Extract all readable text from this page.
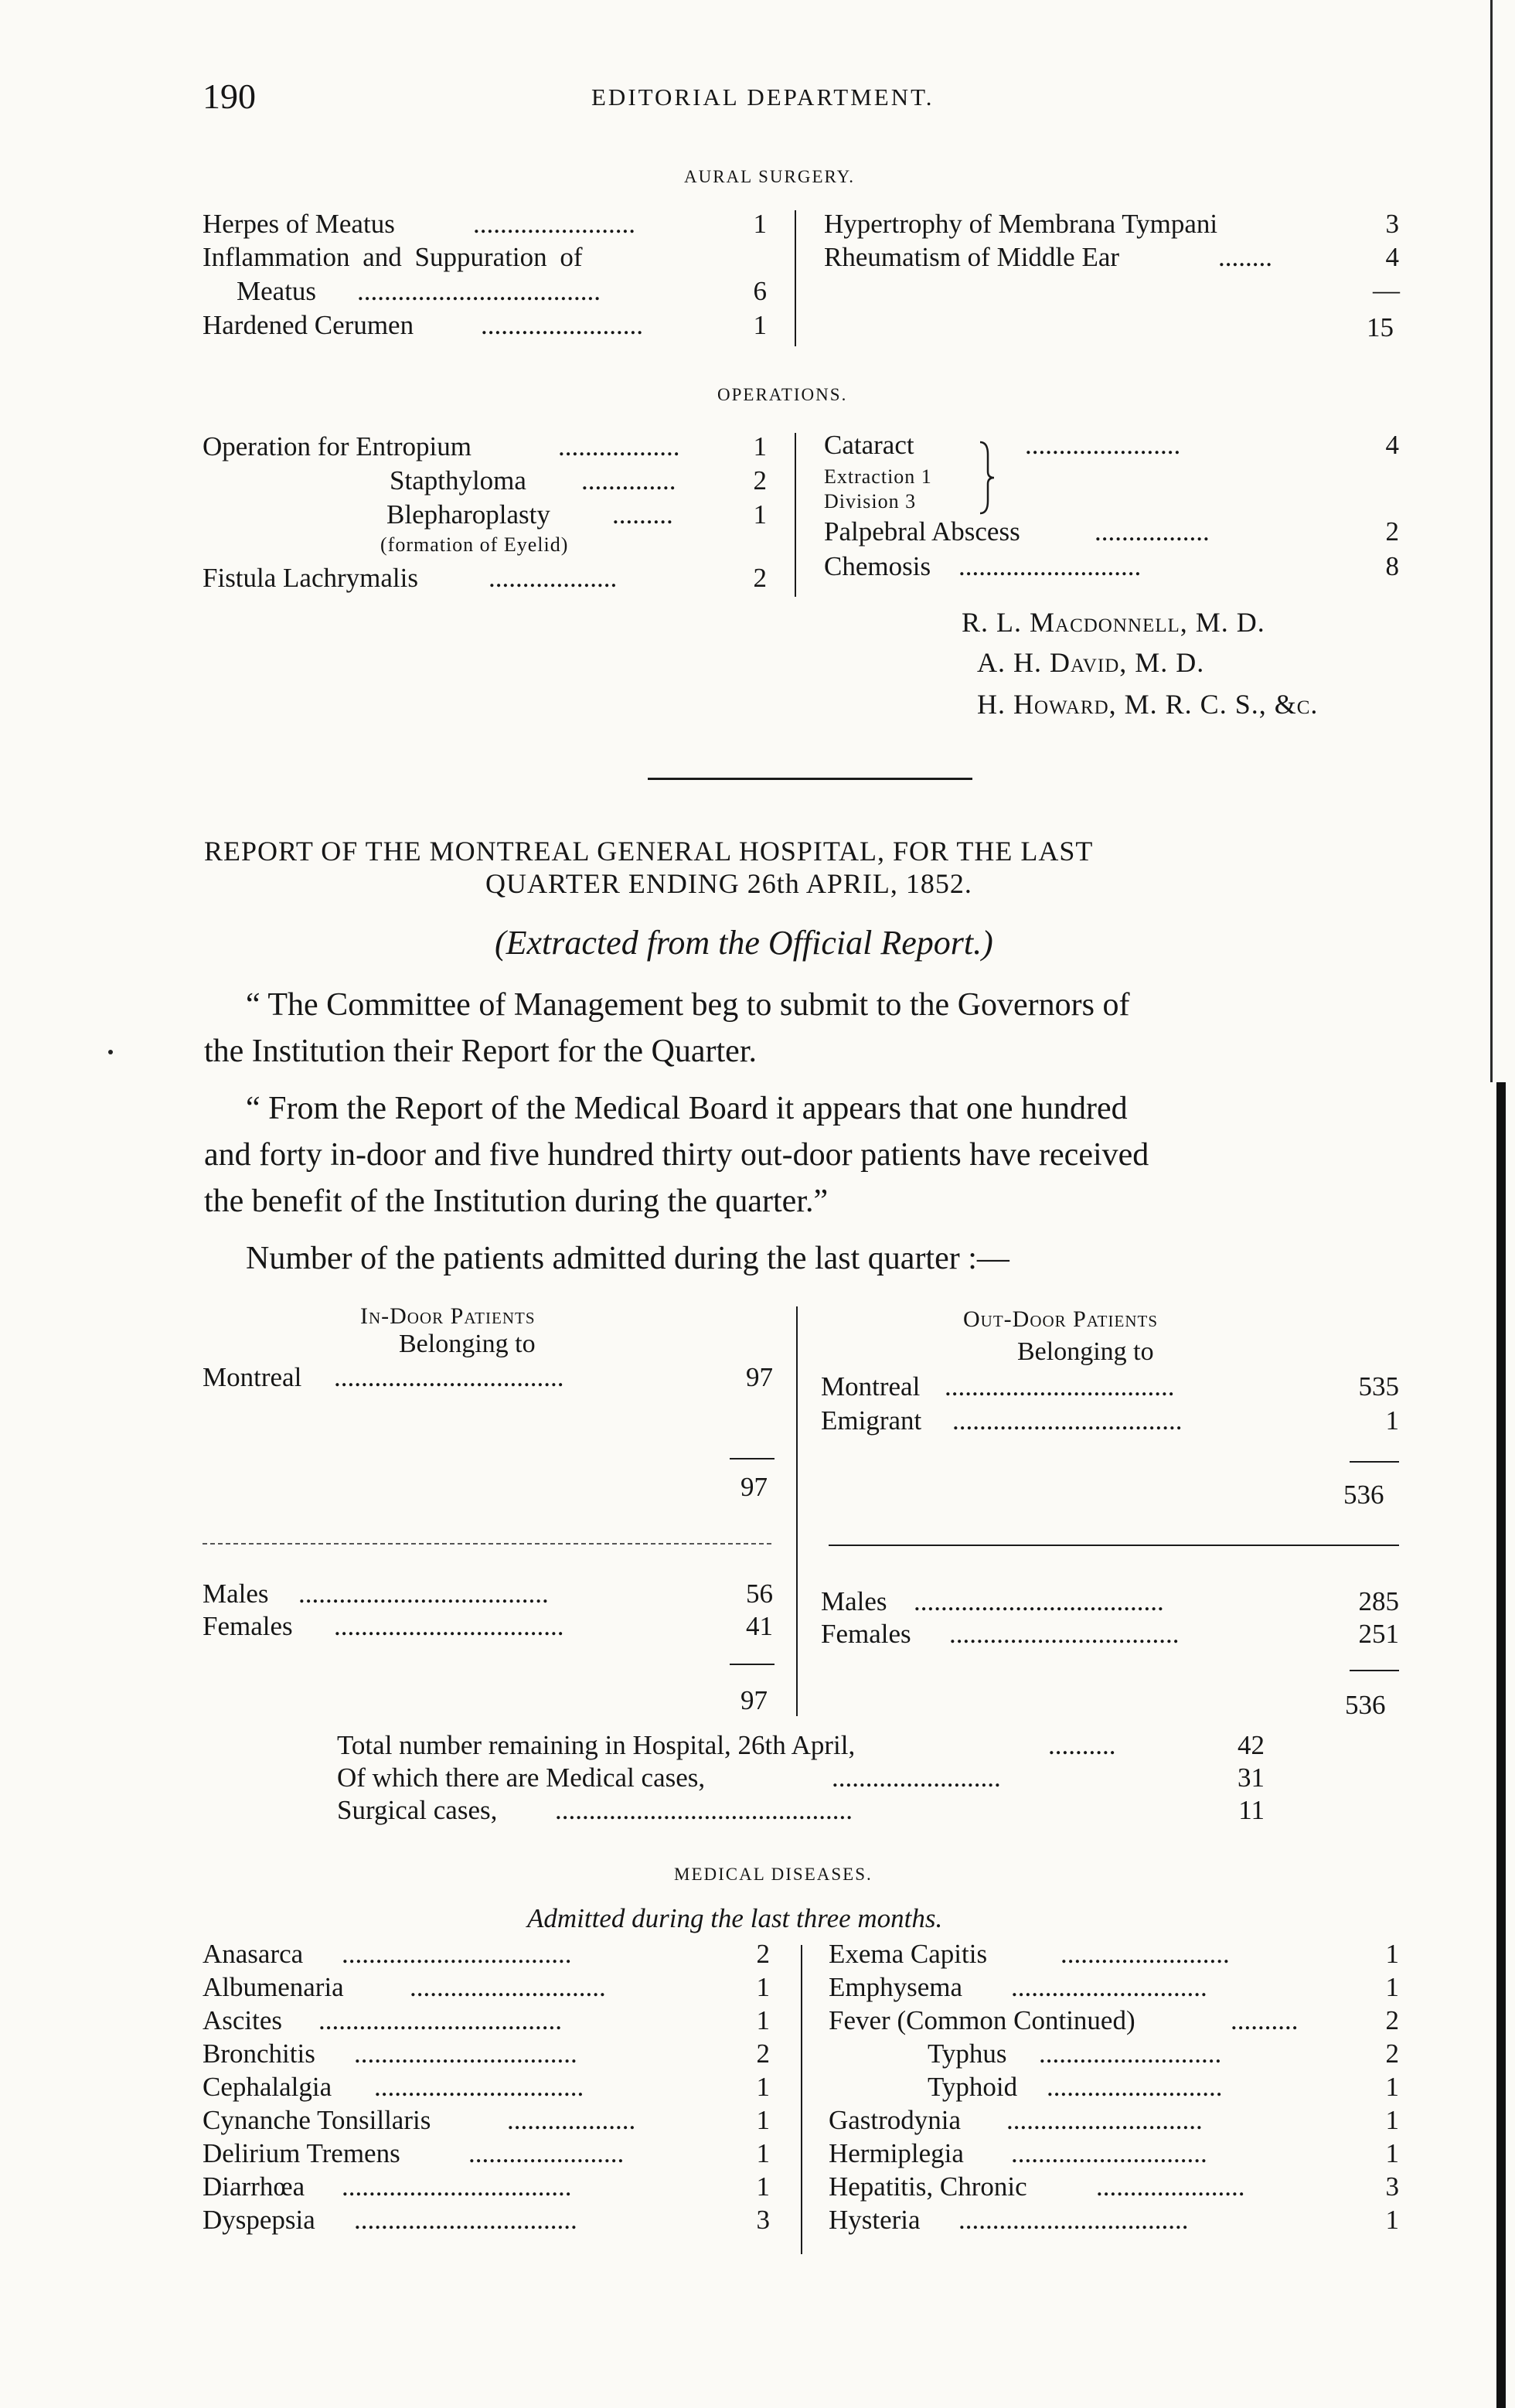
190	EDITORIAL DEPARTMENT.
AURAL SURGERY.
Herpes of Meatus	........................	1
Inflammation and Suppuration of
Meatus ....................................	6
Hardened Cerumen ........................	1
Hypertrophy of Membrana Tympani	3
Rheumatism of Middle Ear	........	4
—
15
OPERATIONS.
Operation for Entropium	..................	1
Stapthyloma ..............	2
Blepharoplasty .........	1
(formation of Eyelid)
Fistula Lachrymalis	...................	2
Cataract	.......................	4
Extraction 1
Division 3
Palpebral Abscess	.................	2
Chemosis ...........................	8
R. L. Macdonnell, M. D.
A. H. David, M. D.
H. Howard, M. R. C. S., &c.
REPORT OF THE MONTREAL GENERAL HOSPITAL, FOR THE LAST
QUARTER ENDING 26th APRIL, 1852.
(Extracted from the Official Report.)
“ The Committee of Management beg to submit to the Governors of
the Institution their Report for the Quarter.
“ From the Report of the Medical Board it appears that one hundred
and forty in-door and five hundred thirty out-door patients have received
the benefit of the Institution during the quarter.”
Number of the patients admitted during the last quarter :—
In-Door Patients
Belonging to
Out-Door Patients
Belonging to
Montreal ..................................	97
97
Males .....................................	56
Females ..................................	41
97
Montreal ..................................	535
Emigrant ..................................	1
536
Males .....................................	285
Females ..................................	251
536
Total number remaining in Hospital, 26th April,	..........	42
Of which there are Medical cases,	.........................	31
Surgical cases, ............................................	11
MEDICAL DISEASES.
Admitted during the last three months.
Anasarca ..................................	2
Albumenaria .............................	1
Ascites ....................................	1
Bronchitis .................................	2
Cephalalgia ...............................	1
Cynanche Tonsillaris	...................	1
Delirium Tremens	.......................	1
Diarrhœa ..................................	1
Dyspepsia .................................	3
Exema Capitis	.........................	1
Emphysema .............................	1
Fever (Common Continued)	..........	2
Typhus ...........................	2
Typhoid ..........................	1
Gastrodynia .............................	1
Hermiplegia .............................	1
Hepatitis, Chronic	......................	3
Hysteria ..................................	1
